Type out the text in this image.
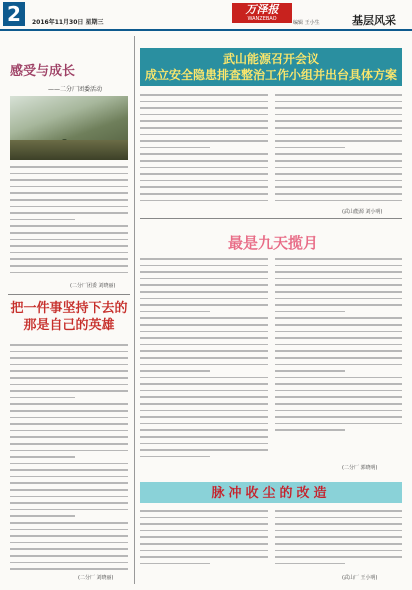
2	2016年11月30日 星期三
万泽报
WANZEBAO
编辑 王小生	基层风采
感受与成长
——二分厂团委活动
(二分厂团委 刘晓丽)
把一件事坚持下去的那是自己的英雄
(二分厂 刘晓丽)
武山能源召开会议
成立安全隐患排查整治工作小组并出台具体方案
(武山能源 刘小明)
最是九天揽月
(二分厂 郭晓明)
脉冲收尘的改造
(武山厂 王小明)
